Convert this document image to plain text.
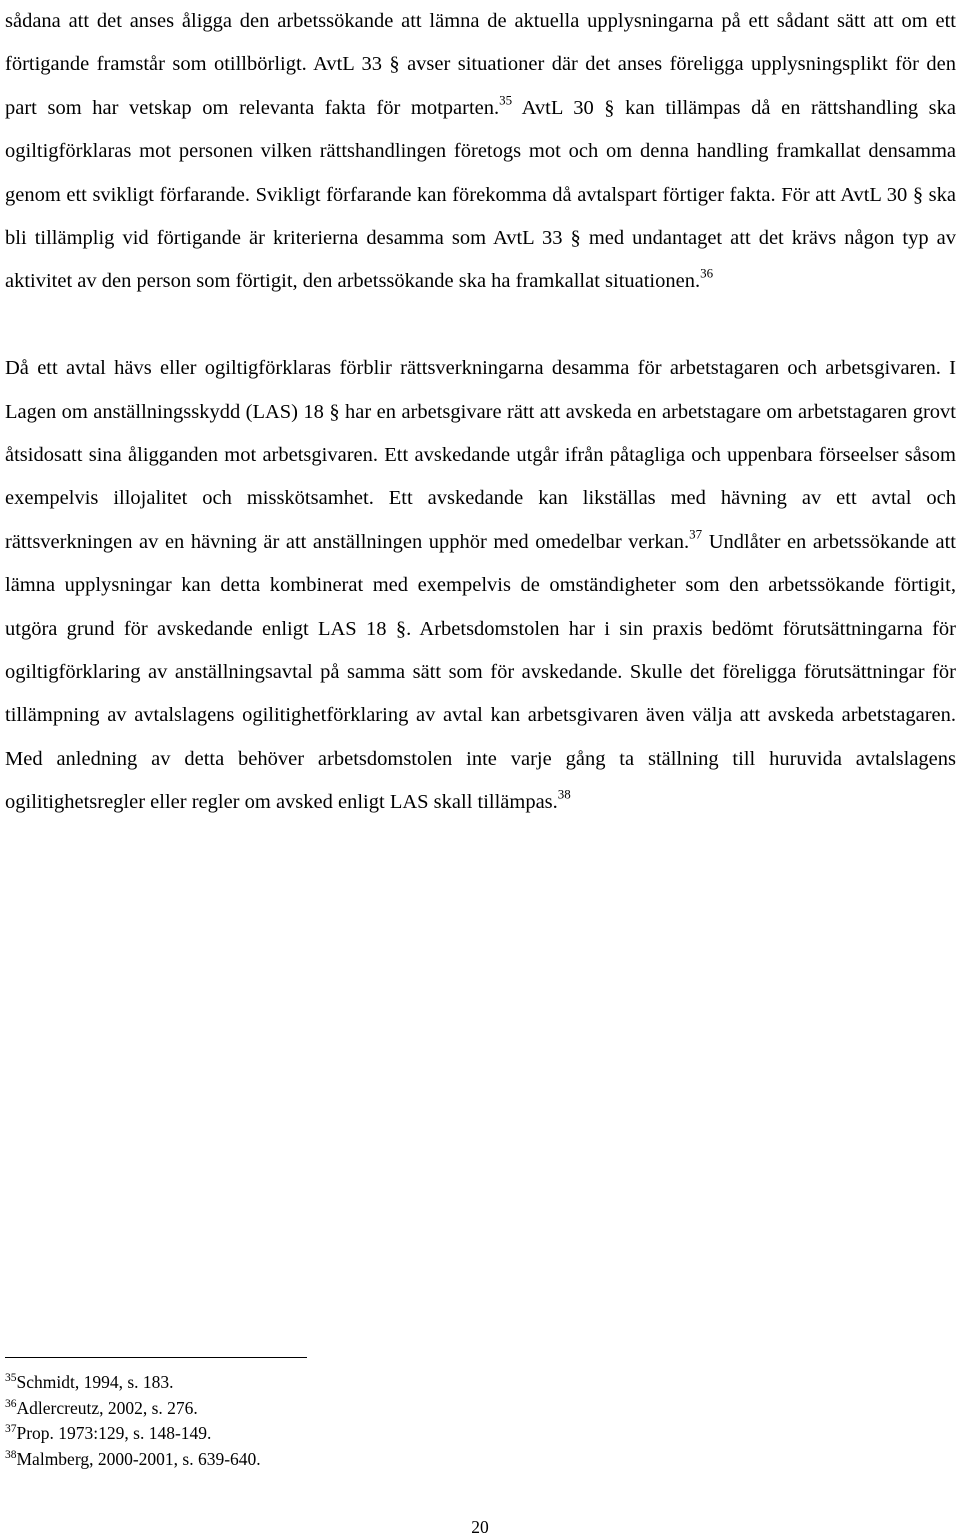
sådana att det anses åligga den arbetssökande att lämna de aktuella upplysningarna på ett sådant sätt att om ett förtigande framstår som otillbörligt. AvtL 33 § avser situationer där det anses föreligga upplysningsplikt för den part som har vetskap om relevanta fakta för motparten.$^{35}$ AvtL 30 § kan tillämpas då en rättshandling ska ogiltigförklaras mot personen vilken rättshandlingen företogs mot och om denna handling framkallat densamma genom ett svikligt förfarande. Svikligt förfarande kan förekomma då avtalspart förtiger fakta. För att AvtL 30 § ska bli tillämplig vid förtigande är kriterierna desamma som AvtL 33 § med undantaget att det krävs någon typ av aktivitet av den person som förtigit, den arbetssökande ska ha framkallat situationen.$^{36}$

Då ett avtal hävs eller ogiltigförklaras förblir rättsverkningarna desamma för arbetstagaren och arbetsgivaren. I Lagen om anställningsskydd (LAS) 18 § har en arbetsgivare rätt att avskeda en arbetstagare om arbetstagaren grovt åtsidosatt sina åligganden mot arbetsgivaren. Ett avskedande utgår ifrån påtagliga och uppenbara förseelser såsom exempelvis illojalitet och misskötsamhet. Ett avskedande kan likställas med hävning av ett avtal och rättsverkningen av en hävning är att anställningen upphör med omedelbar verkan.$^{37}$ Undlåter en arbetssökande att lämna upplysningar kan detta kombinerat med exempelvis de omständigheter som den arbetssökande förtigit, utgöra grund för avskedande enligt LAS 18 §. Arbetsdomstolen har i sin praxis bedömt förutsättningarna för ogiltigförklaring av anställningsavtal på samma sätt som för avskedande. Skulle det föreligga förutsättningar för tillämpning av avtalslagens ogilitighetförklaring av avtal kan arbetsgivaren även välja att avskeda arbetstagaren. Med anledning av detta behöver arbetsdomstolen inte varje gång ta ställning till huruvida avtalslagens ogilitighetsregler eller regler om avsked enligt LAS skall tillämpas.$^{38}$

$^{35}$Schmidt, 1994, s. 183.

$^{36}$Adlercreutz, 2002, s. 276.

$^{37}$Prop. 1973:129, s. 148-149.

$^{38}$Malmberg, 2000-2001, s. 639-640.

20
